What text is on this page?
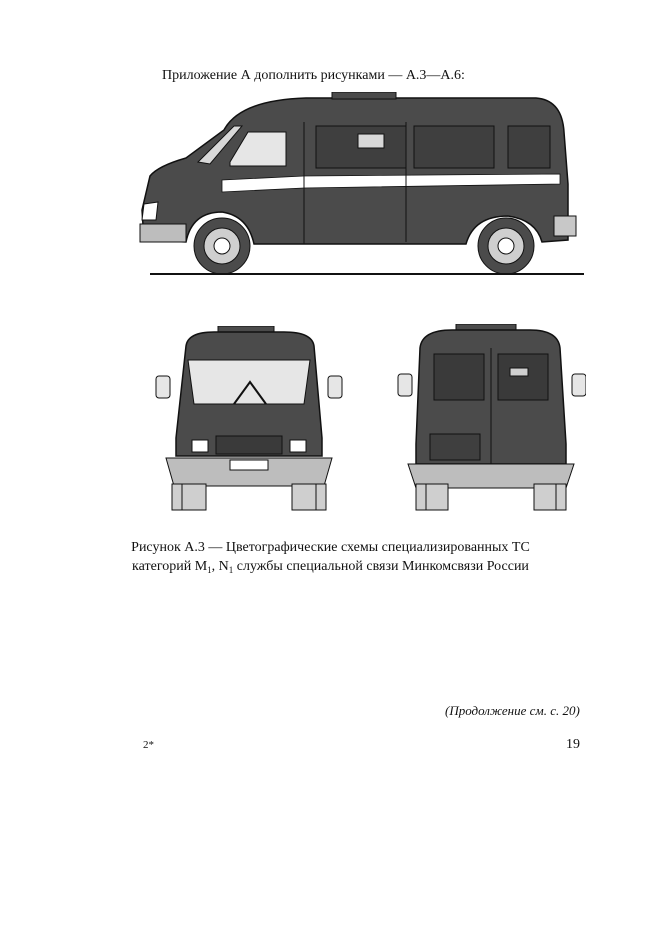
Приложение А дополнить рисунками — А.3—А.6:
Рисунок А.3 — Цветографические схемы специализированных ТС
категорий $M_1$, $N_1$ службы специальной связи Минкомсвязи России
(Продолжение см. с. 20)
2*	19
